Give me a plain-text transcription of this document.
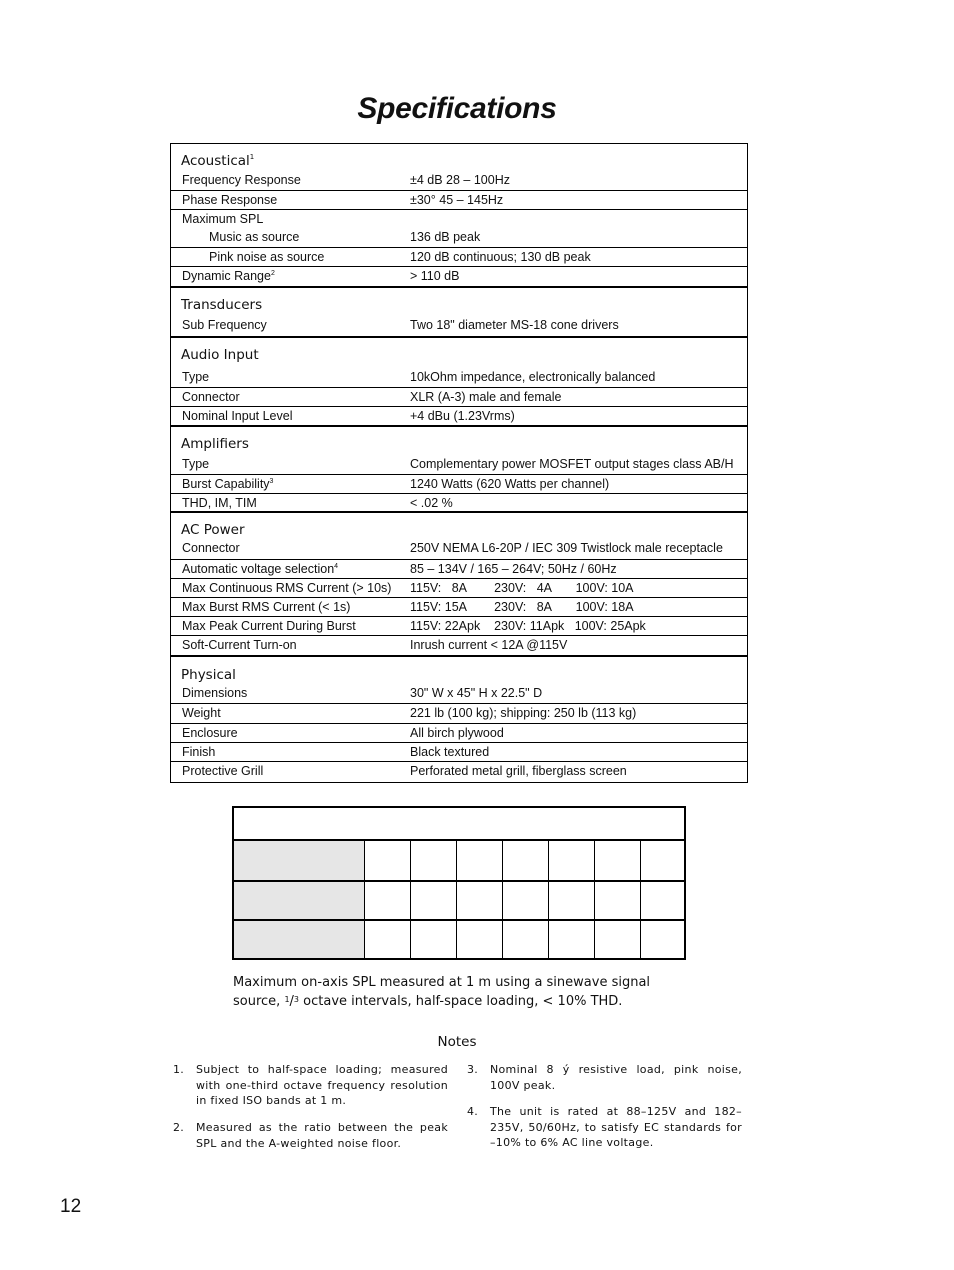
Specifications
Acoustical$^1$
Frequency Response	±4 dB 28 – 100Hz
Phase Response	±30° 45 – 145Hz
Maximum SPL
Music as source	136 dB peak
Pink noise as source	120 dB continuous; 130 dB peak
Dynamic Range$^2$	> 110 dB
Transducers
Sub Frequency	Two 18" diameter MS-18 cone drivers
Audio Input
Type	10kOhm impedance, electronically balanced
Connector	XLR (A-3) male and female
Nominal Input Level	+4 dBu (1.23Vrms)
Amplifiers
Type	Complementary power MOSFET output stages class AB/H
Burst Capability$^3$	1240 Watts (620 Watts per channel)
THD, IM, TIM	< .02 %
AC Power
Connector	250V NEMA L6-20P / IEC 309 Twistlock male receptacle
Automatic voltage selection$^4$	85 – 134V / 165 – 264V; 50Hz / 60Hz
Max Continuous RMS Current (> 10s) 115V:   8A        230V:   4A       100V: 10A
Max Burst RMS Current (< 1s)	115V: 15A        230V:   8A       100V: 18A
Max Peak Current During Burst	115V: 22Apk    230V: 11Apk   100V: 25Apk
Soft-Current Turn-on	Inrush current < 12A @115V
Physical
Dimensions	30" W x 45" H x 22.5" D
Weight	221 lb (100 kg); shipping: 250 lb (113 kg)
Enclosure	All birch plywood
Finish	Black textured
Protective Grill	Perforated metal grill, fiberglass screen
Maximum on-axis SPL measured at 1 m using a sinewave signal
source, $^1$/$^3$ octave intervals, half-space loading, < 10% THD.
Notes
1. Subject to half-space loading; measured with one-third octave frequency resolution in fixed ISO bands at 1 m.
2. Measured as the ratio between the peak SPL and the A-weighted noise floor.
3. Nominal 8 ý resistive load, pink noise, 100V peak.
4. The unit is rated at 88–125V and 182–235V, 50/60Hz, to satisfy EC standards for –10% to 6% AC line voltage.
12
